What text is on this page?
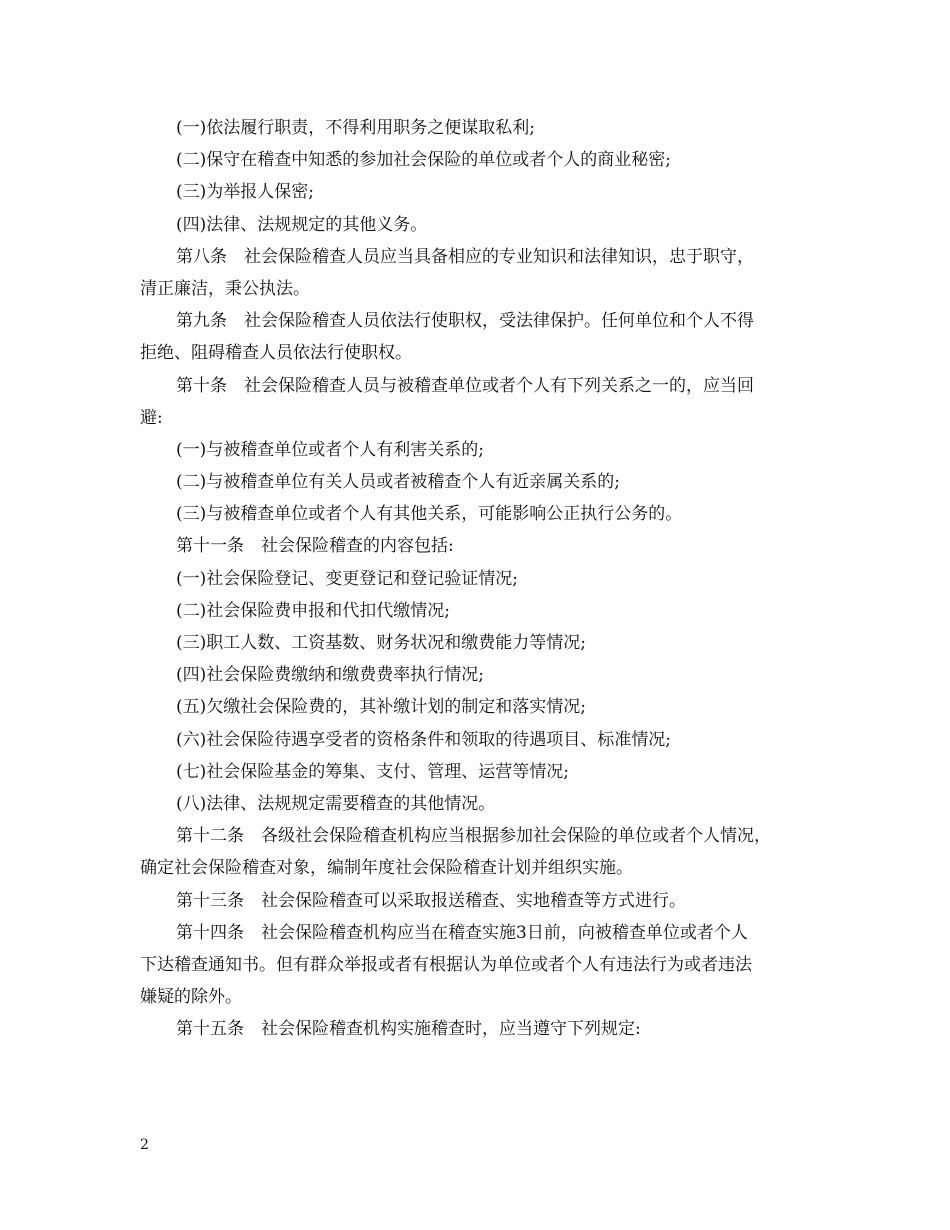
(一)依法履行职责，不得利用职务之便谋取私利;
(二)保守在稽查中知悉的参加社会保险的单位或者个人的商业秘密;
(三)为举报人保密;
(四)法律、法规规定的其他义务。
第八条　社会保险稽查人员应当具备相应的专业知识和法律知识，忠于职守，
清正廉洁，秉公执法。
第九条　社会保险稽查人员依法行使职权，受法律保护。任何单位和个人不得
拒绝、阻碍稽查人员依法行使职权。
第十条　社会保险稽查人员与被稽查单位或者个人有下列关系之一的，应当回
避:
(一)与被稽查单位或者个人有利害关系的;
(二)与被稽查单位有关人员或者被稽查个人有近亲属关系的;
(三)与被稽查单位或者个人有其他关系，可能影响公正执行公务的。
第十一条　社会保险稽查的内容包括:
(一)社会保险登记、变更登记和登记验证情况;
(二)社会保险费申报和代扣代缴情况;
(三)职工人数、工资基数、财务状况和缴费能力等情况;
(四)社会保险费缴纳和缴费费率执行情况;
(五)欠缴社会保险费的，其补缴计划的制定和落实情况;
(六)社会保险待遇享受者的资格条件和领取的待遇项目、标准情况;
(七)社会保险基金的筹集、支付、管理、运营等情况;
(八)法律、法规规定需要稽查的其他情况。
第十二条　各级社会保险稽查机构应当根据参加社会保险的单位或者个人情况，
确定社会保险稽查对象，编制年度社会保险稽查计划并组织实施。
第十三条　社会保险稽查可以采取报送稽查、实地稽查等方式进行。
第十四条　社会保险稽查机构应当在稽查实施3日前，向被稽查单位或者个人
下达稽查通知书。但有群众举报或者有根据认为单位或者个人有违法行为或者违法
嫌疑的除外。
第十五条　社会保险稽查机构实施稽查时，应当遵守下列规定:
2
